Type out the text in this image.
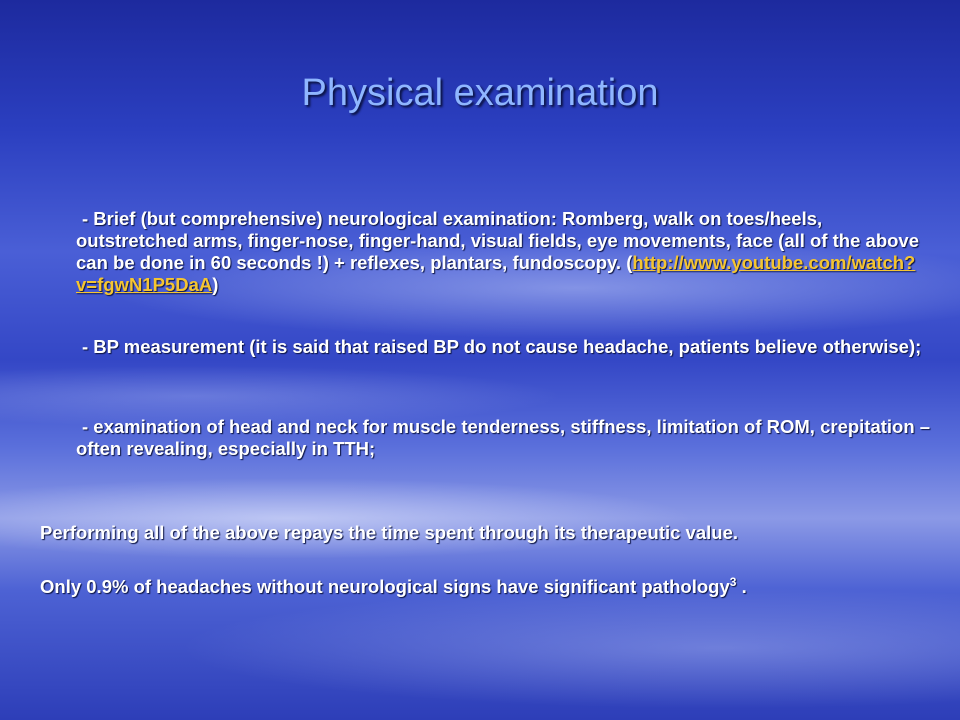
Physical examination
- Brief (but comprehensive) neurological examination: Romberg, walk on toes/heels, outstretched arms, finger-nose, finger-hand, visual fields, eye movements, face (all of the above can be done in 60 seconds !) + reflexes, plantars, fundoscopy. (http://www.youtube.com/watch?v=fgwN1P5DaA)
- BP measurement (it is said that raised BP do not cause headache, patients believe otherwise);
- examination of head and neck for muscle tenderness, stiffness, limitation of ROM, crepitation – often revealing, especially in TTH;
Performing all of the above repays the time spent through its therapeutic value.
Only 0.9% of headaches without neurological signs have significant pathology$^3$ .
